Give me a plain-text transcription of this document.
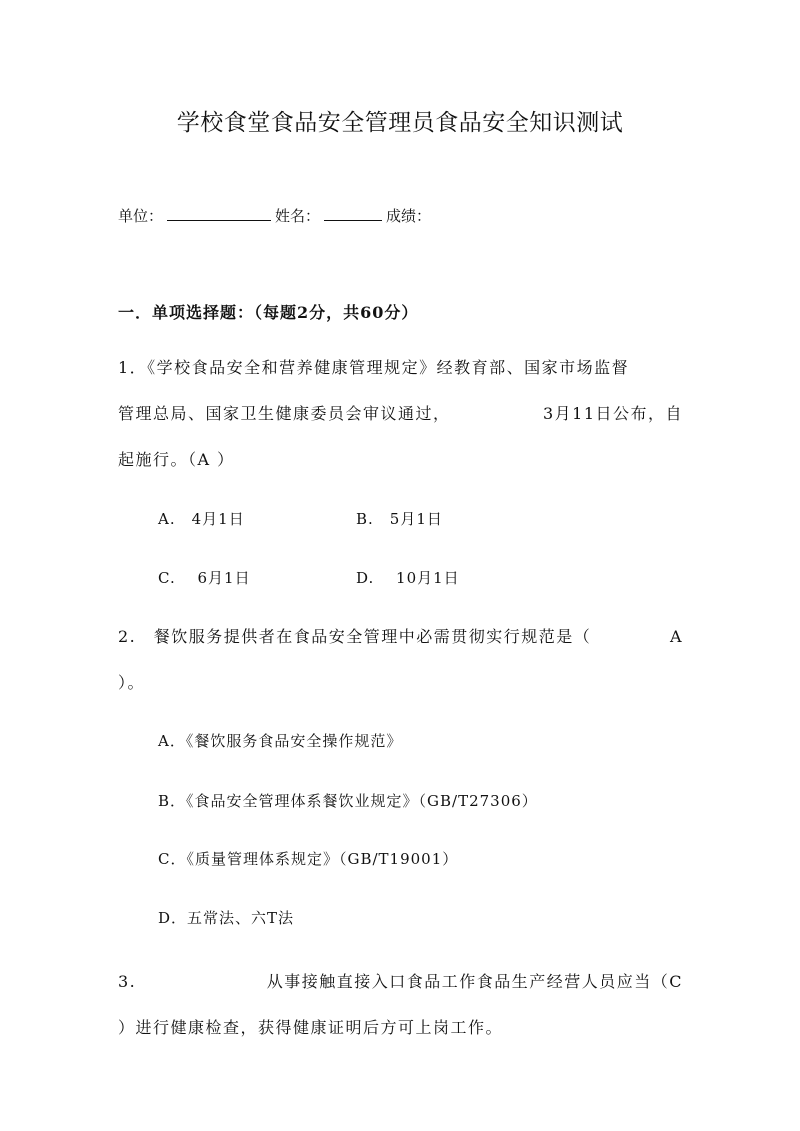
学校食堂食品安全管理员食品安全知识测试
单位：	姓名：	成绩：
一．单项选择题：（每题2分，共60分）
1．《学校食品安全和营养健康管理规定》经教育部、国家市场监督
管理总局、国家卫生健康委员会审议通过，	3月11日公布，自
起施行。（A ）
A.　4月1日	B.　5月1日
C.　 6月1日	D.　 10月1日
2.　餐饮服务提供者在食品安全管理中必需贯彻实行规范是（	A
）。
A．《餐饮服务食品安全操作规范》
B．《食品安全管理体系餐饮业规定》（GB/T27306）
C．《质量管理体系规定》（GB/T19001）
D．五常法、六T法
3.	从事接触直接入口食品工作食品生产经营人员应当（C
）进行健康检查，获得健康证明后方可上岗工作。
